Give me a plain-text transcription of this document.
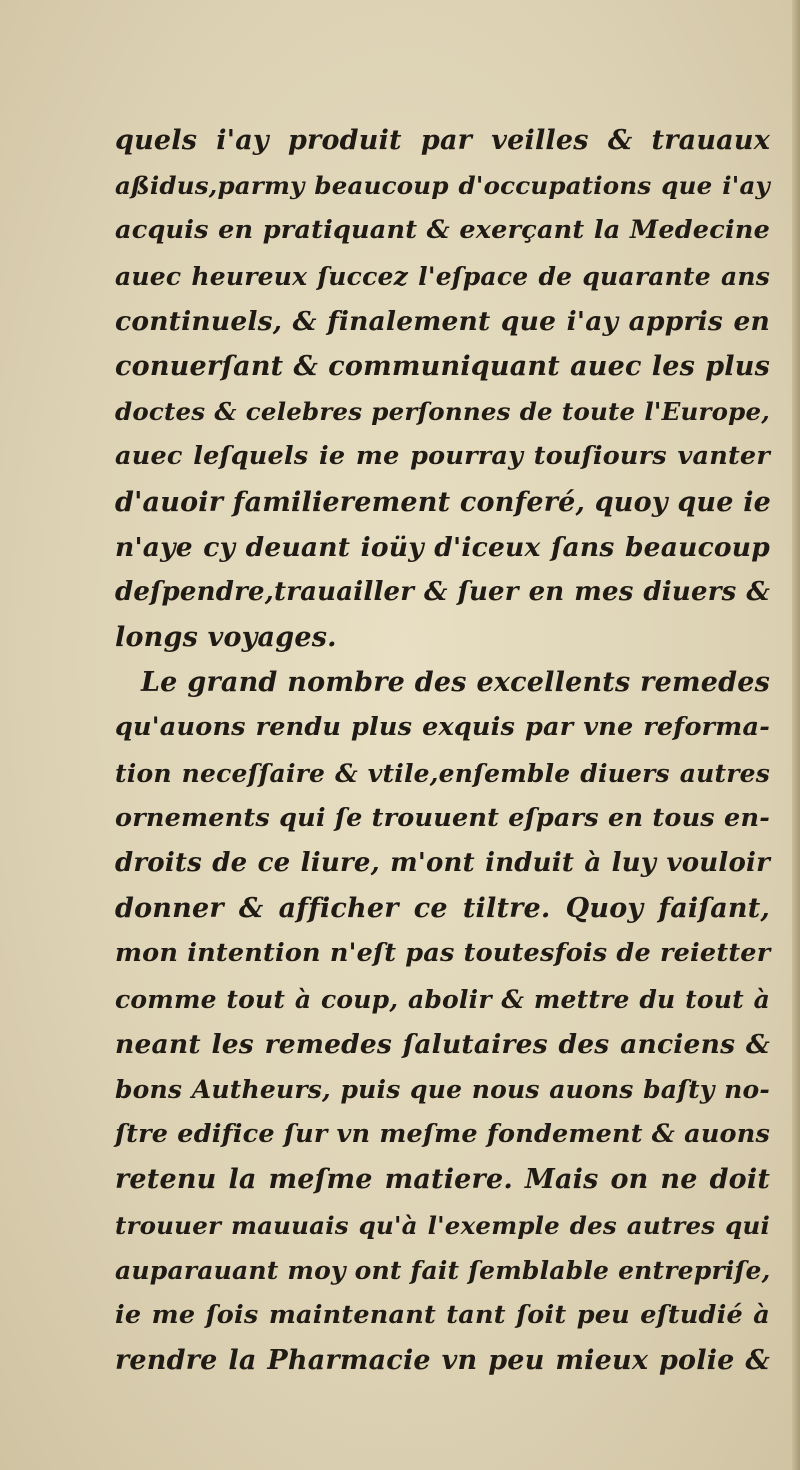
quels i'ay produit par veilles & trauaux
aßidus,parmy beaucoup d'occupations que i'ay
acquis en pratiquant & exerçant la Medecine
auec heureux ſuccez l'eſpace de quarante ans
continuels, & finalement que i'ay appris en
conuerſant & communiquant auec les plus
doctes & celebres perſonnes de toute l'Europe,
auec leſquels ie me pourray touſiours vanter
d'auoir familierement conferé, quoy que ie
n'aye cy deuant ioüy d'iceux ſans beaucoup
deſpendre,trauailler & ſuer en mes diuers &
longs voyages.
Le grand nombre des excellents remedes
qu'auons rendu plus exquis par vne reforma-
tion neceſſaire & vtile,enſemble diuers autres
ornements qui ſe trouuent eſpars en tous en-
droits de ce liure, m'ont induit à luy vouloir
donner & afficher ce tiltre. Quoy faiſant,
mon intention n'eſt pas toutesfois de reietter
comme tout à coup, abolir & mettre du tout à
neant les remedes ſalutaires des anciens &
bons Autheurs, puis que nous auons baſty no-
ſtre edifice ſur vn meſme fondement & auons
retenu la meſme matiere. Mais on ne doit
trouuer mauuais qu'à l'exemple des autres qui
auparauant moy ont fait ſemblable entrepriſe,
ie me ſois maintenant tant ſoit peu eſtudié à
rendre la Pharmacie vn peu mieux polie &
